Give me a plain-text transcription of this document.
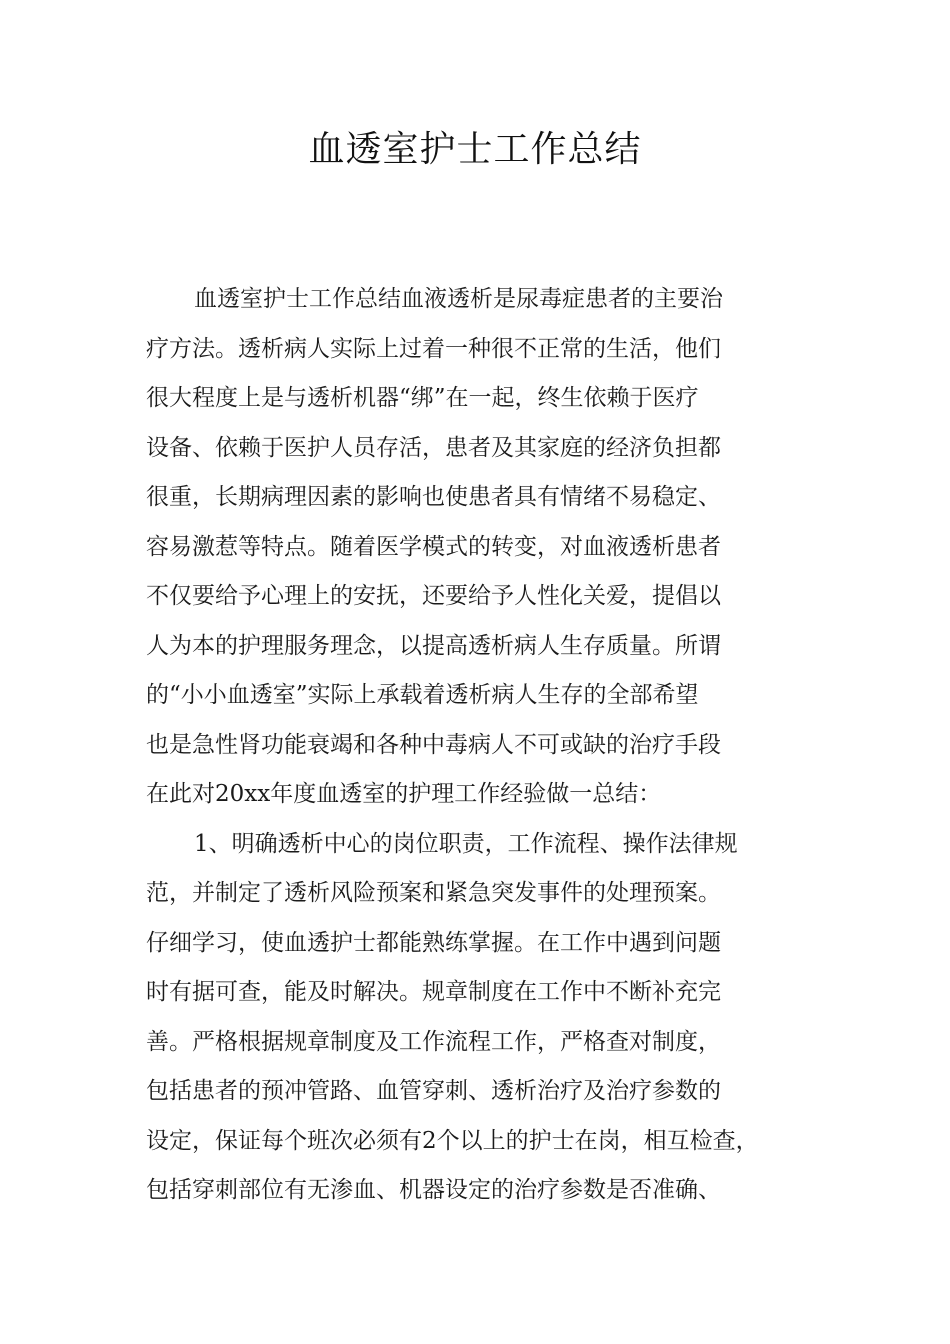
血透室护士工作总结
血透室护士工作总结血液透析是尿毒症患者的主要治
疗方法。透析病人实际上过着一种很不正常的生活，他们
很大程度上是与透析机器“绑”在一起，终生依赖于医疗
设备、依赖于医护人员存活，患者及其家庭的经济负担都
很重，长期病理因素的影响也使患者具有情绪不易稳定、
容易激惹等特点。随着医学模式的转变，对血液透析患者
不仅要给予心理上的安抚，还要给予人性化关爱，提倡以
人为本的护理服务理念，以提高透析病人生存质量。所谓
的“小小血透室”实际上承载着透析病人生存的全部希望
也是急性肾功能衰竭和各种中毒病人不可或缺的治疗手段
在此对20xx年度血透室的护理工作经验做一总结：
1、明确透析中心的岗位职责，工作流程、操作法律规
范，并制定了透析风险预案和紧急突发事件的处理预案。
仔细学习，使血透护士都能熟练掌握。在工作中遇到问题
时有据可查，能及时解决。规章制度在工作中不断补充完
善。严格根据规章制度及工作流程工作，严格查对制度，
包括患者的预冲管路、血管穿刺、透析治疗及治疗参数的
设定，保证每个班次必须有2个以上的护士在岗，相互检查，
包括穿刺部位有无渗血、机器设定的治疗参数是否准确、
